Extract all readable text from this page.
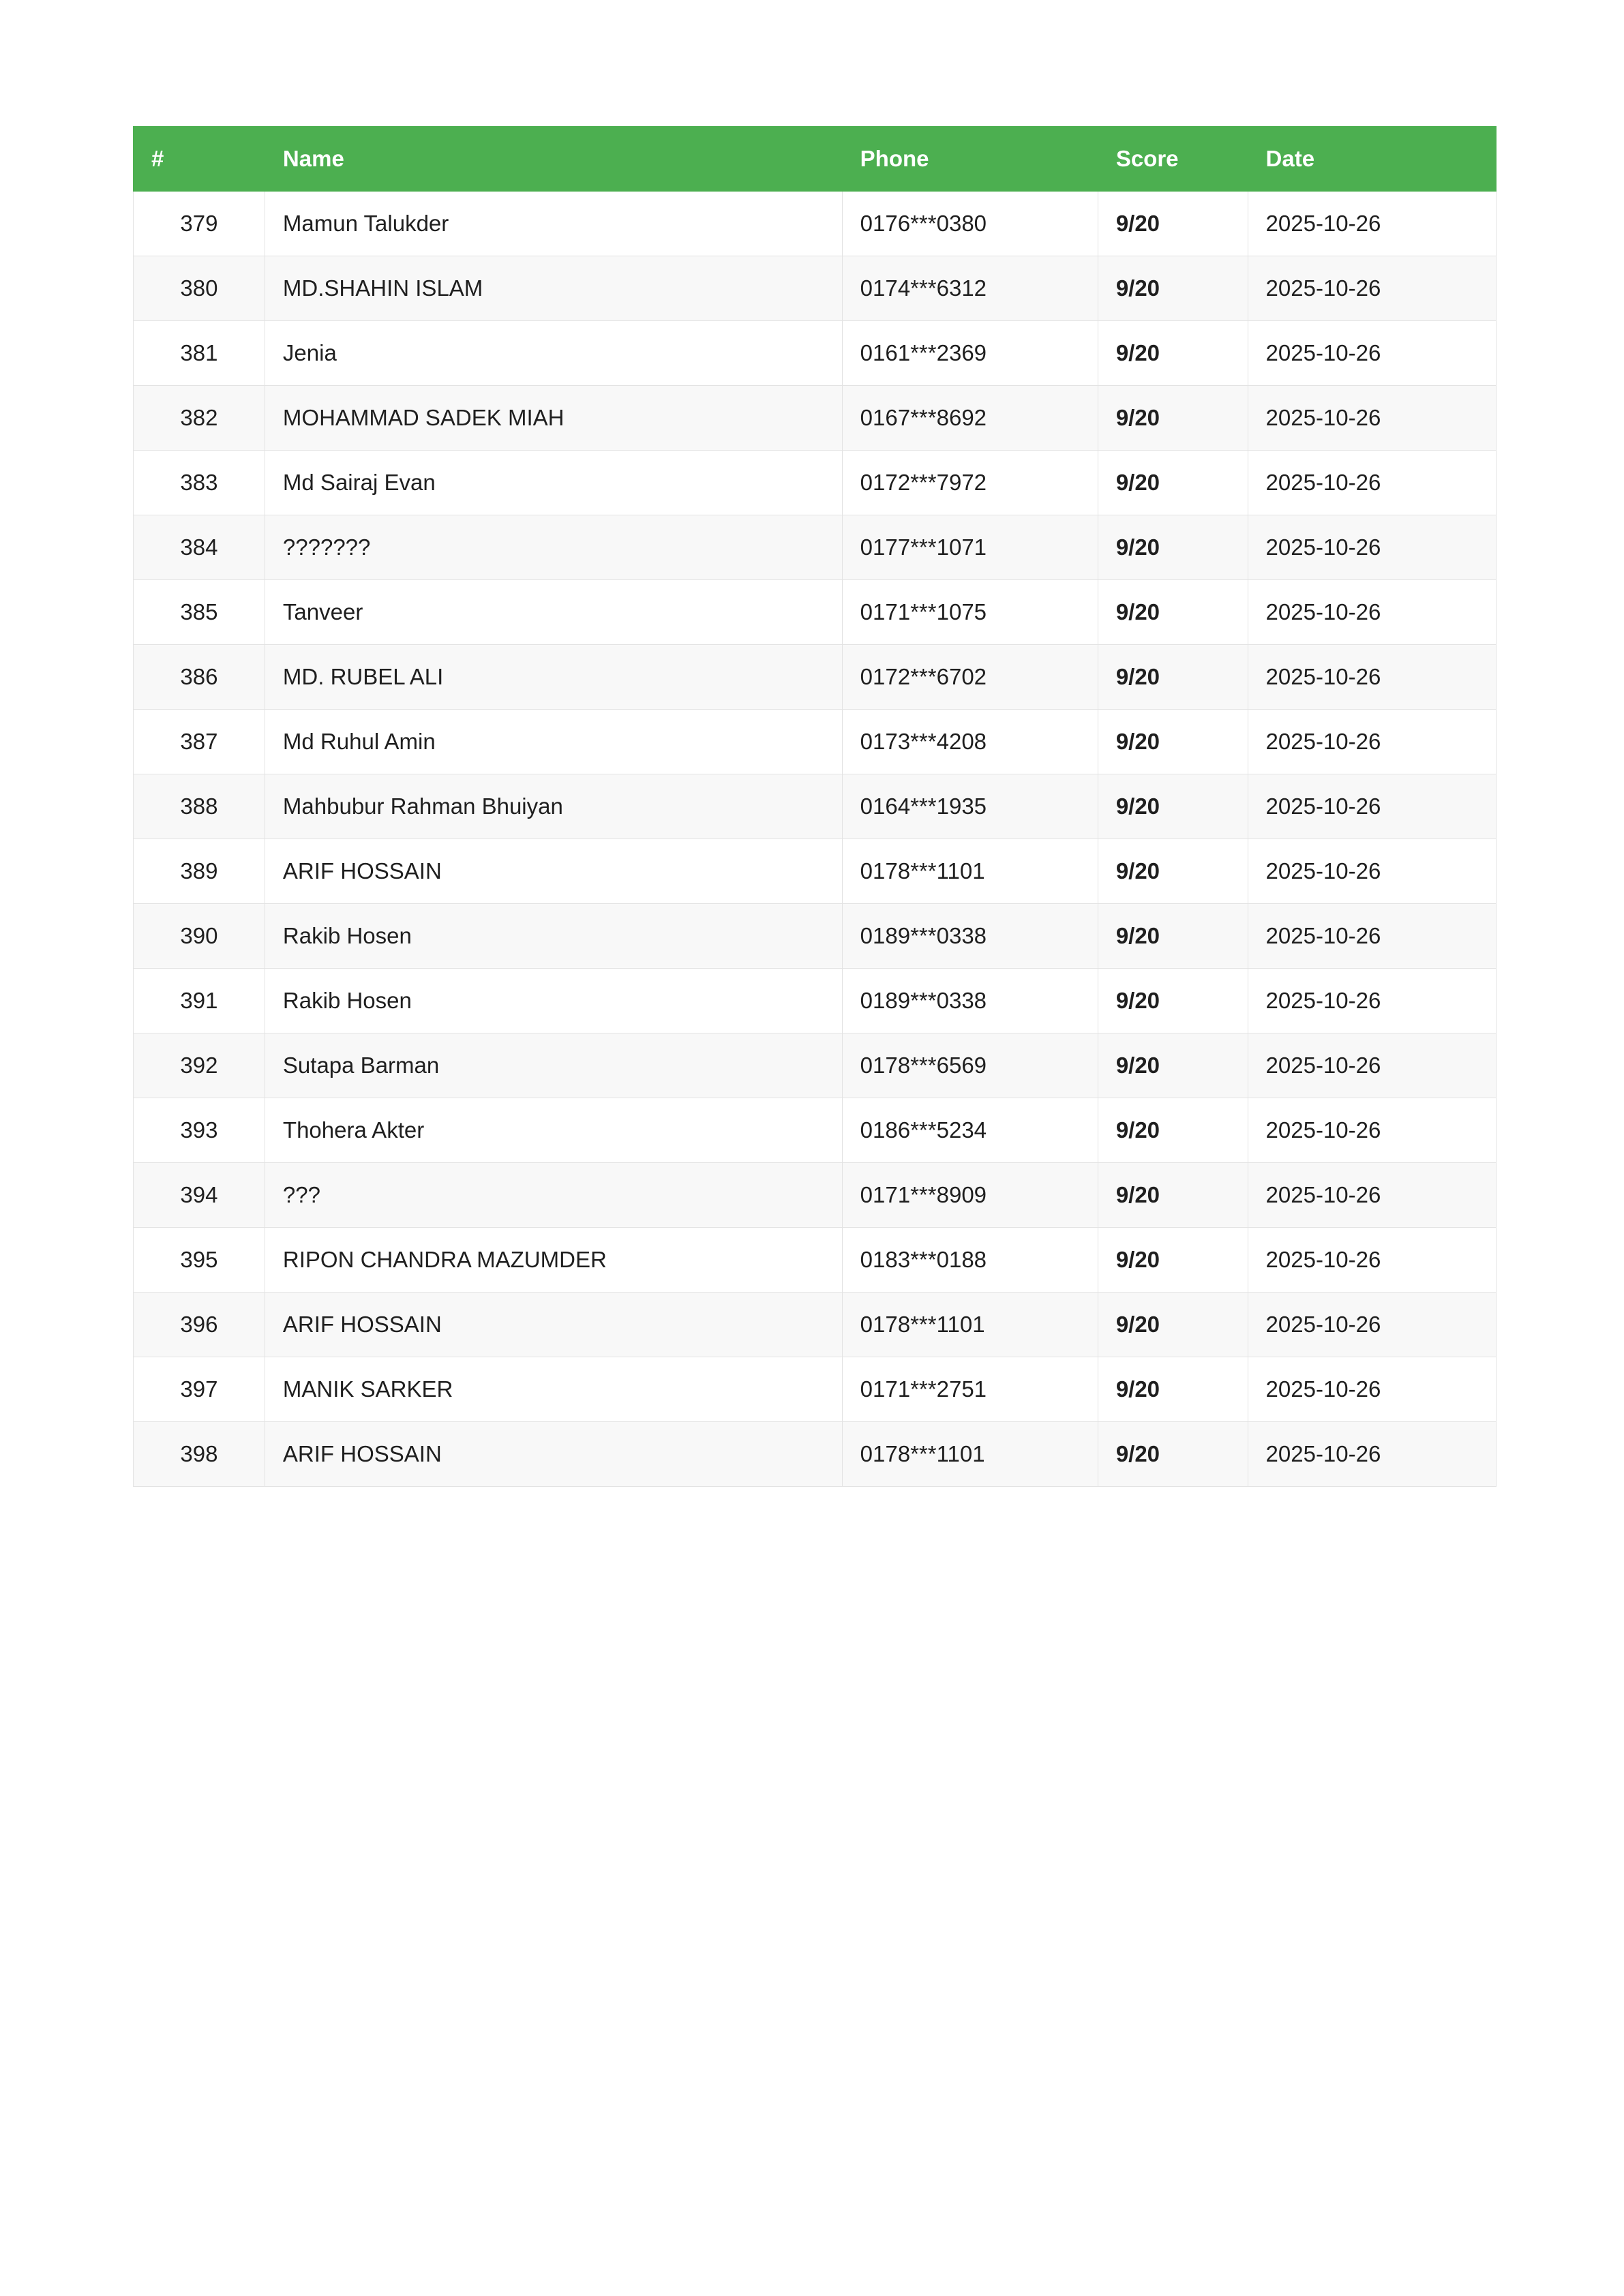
#	Name	Phone	Score	Date
379	Mamun Talukder	0176***0380	9/20	2025-10-26
380	MD.SHAHIN ISLAM	0174***6312	9/20	2025-10-26
381	Jenia	0161***2369	9/20	2025-10-26
382	MOHAMMAD SADEK MIAH	0167***8692	9/20	2025-10-26
383	Md Sairaj Evan	0172***7972	9/20	2025-10-26
384	???????	0177***1071	9/20	2025-10-26
385	Tanveer	0171***1075	9/20	2025-10-26
386	MD. RUBEL ALI	0172***6702	9/20	2025-10-26
387	Md Ruhul Amin	0173***4208	9/20	2025-10-26
388	Mahbubur Rahman Bhuiyan	0164***1935	9/20	2025-10-26
389	ARIF HOSSAIN	0178***1101	9/20	2025-10-26
390	Rakib Hosen	0189***0338	9/20	2025-10-26
391	Rakib Hosen	0189***0338	9/20	2025-10-26
392	Sutapa Barman	0178***6569	9/20	2025-10-26
393	Thohera Akter	0186***5234	9/20	2025-10-26
394	???	0171***8909	9/20	2025-10-26
395	RIPON CHANDRA MAZUMDER	0183***0188	9/20	2025-10-26
396	ARIF HOSSAIN	0178***1101	9/20	2025-10-26
397	MANIK SARKER	0171***2751	9/20	2025-10-26
398	ARIF HOSSAIN	0178***1101	9/20	2025-10-26
